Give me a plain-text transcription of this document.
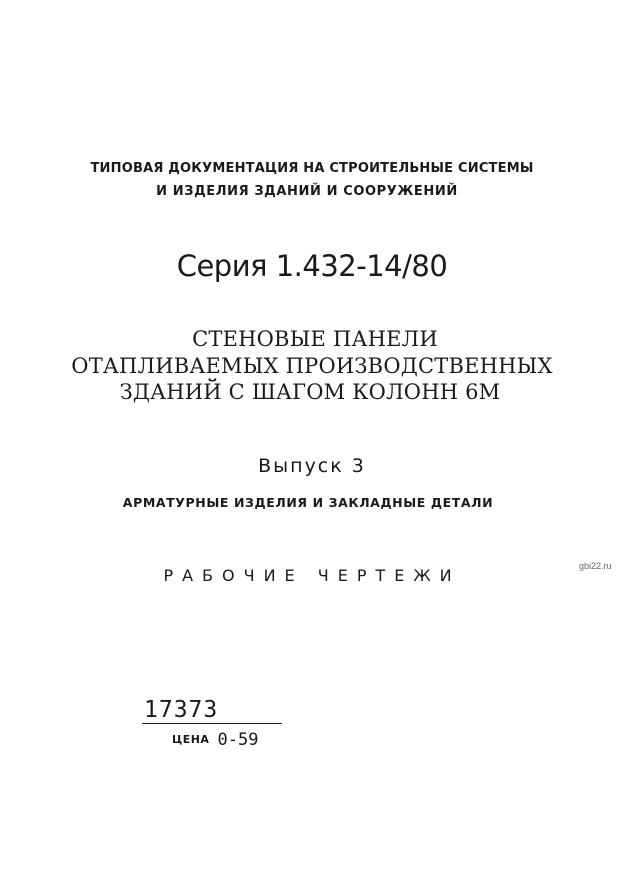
ТИПОВАЯ ДОКУМЕНТАЦИЯ НА СТРОИТЕЛЬНЫЕ СИСТЕМЫ
И ИЗДЕЛИЯ ЗДАНИЙ И СООРУЖЕНИЙ
Серия 1.432-14/80
СТЕНОВЫЕ ПАНЕЛИ
ОТАПЛИВАЕМЫХ ПРОИЗВОДСТВЕННЫХ
ЗДАНИЙ С ШАГОМ КОЛОНН 6М
Выпуск 3
АРМАТУРНЫЕ ИЗДЕЛИЯ И ЗАКЛАДНЫЕ ДЕТАЛИ
РАБОЧИЕ ЧЕРТЕЖИ	gbi22.ru
17373
ЦЕНА 0-59
